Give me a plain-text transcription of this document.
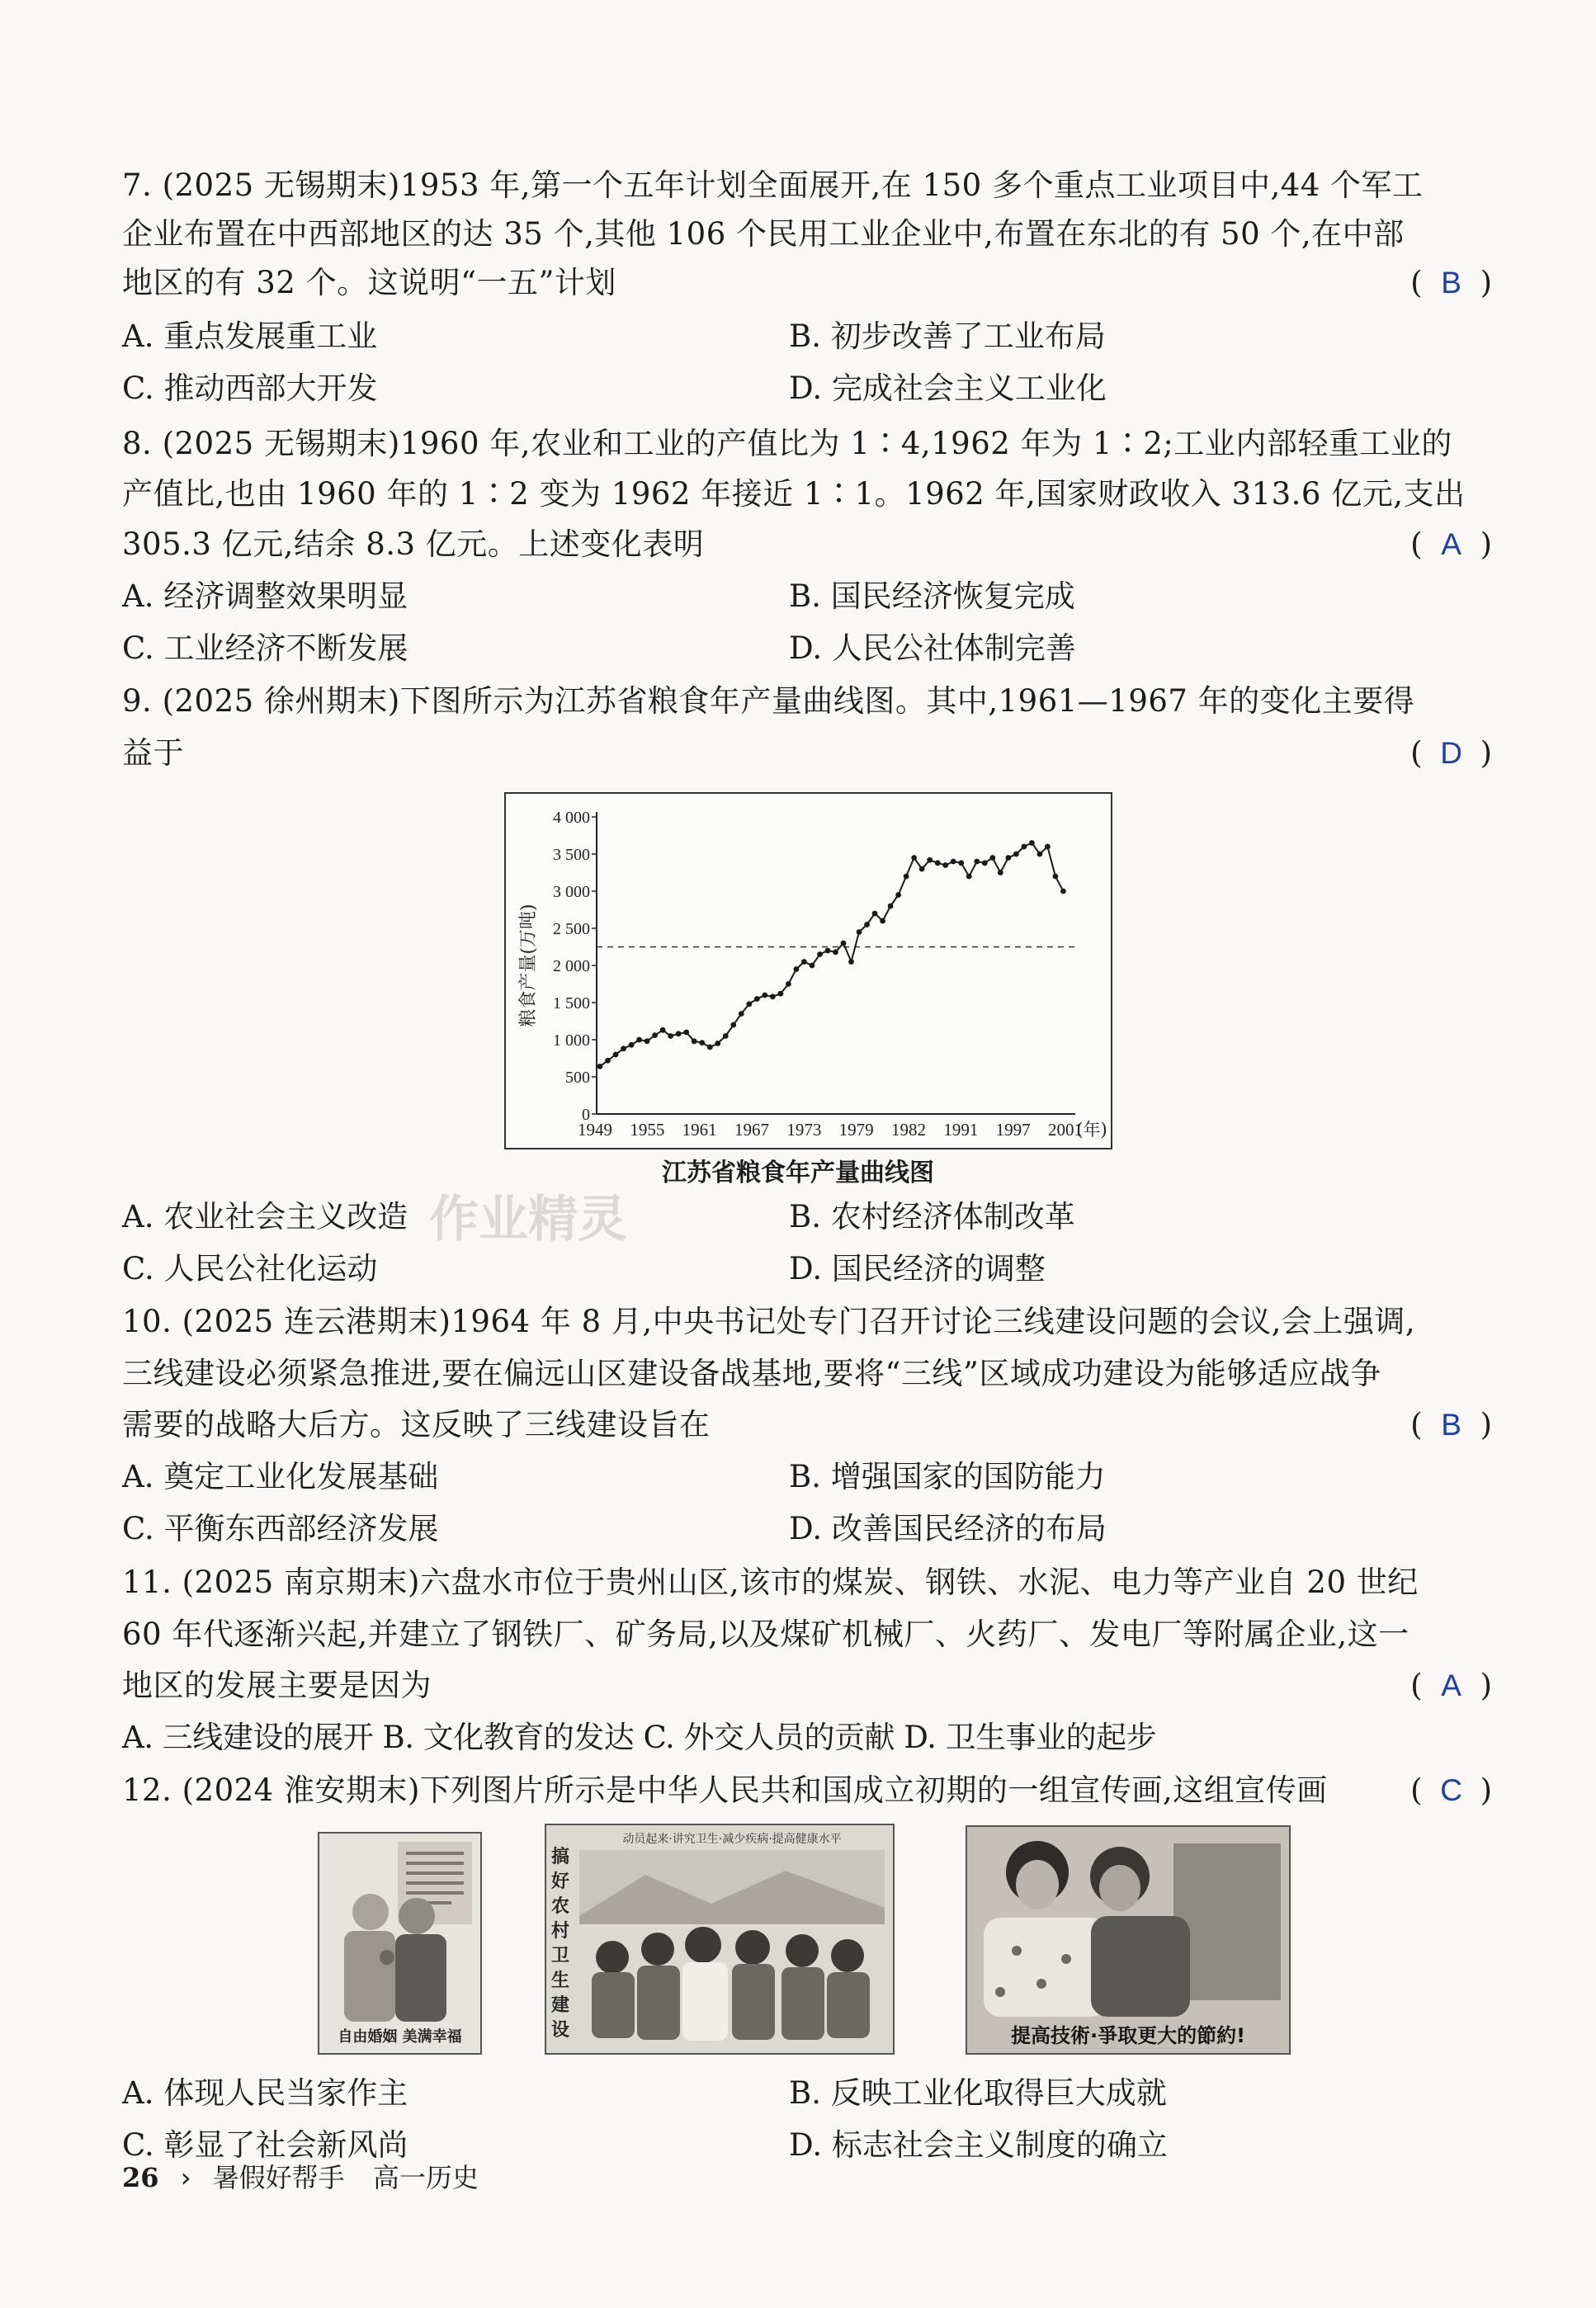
7. (2025 无锡期末)1953 年,第一个五年计划全面展开,在 150 多个重点工业项目中,44 个军工
企业布置在中西部地区的达 35 个,其他 106 个民用工业企业中,布置在东北的有 50 个,在中部
地区的有 32 个。这说明“一五”计划	( B )
A. 重点发展重工业	B. 初步改善了工业布局
C. 推动西部大开发	D. 完成社会主义工业化
8. (2025 无锡期末)1960 年,农业和工业的产值比为 1∶4,1962 年为 1∶2;工业内部轻重工业的
产值比,也由 1960 年的 1∶2 变为 1962 年接近 1∶1。1962 年,国家财政收入 313.6 亿元,支出
305.3 亿元,结余 8.3 亿元。上述变化表明	( A )
A. 经济调整效果明显	B. 国民经济恢复完成
C. 工业经济不断发展	D. 人民公社体制完善
9. (2025 徐州期末)下图所示为江苏省粮食年产量曲线图。其中,1961—1967 年的变化主要得
益于	( D )
4 000
3 500
3 000
2 500
2 000
1 500
1 000
500
0
粮食产量(万吨)
1949 1955 1961 1967 1973 1979 1982 1991 1997 2001
(年)
江苏省粮食年产量曲线图
A. 农业社会主义改造	B. 农村经济体制改革
C. 人民公社化运动	D. 国民经济的调整
作业精灵
10. (2025 连云港期末)1964 年 8 月,中央书记处专门召开讨论三线建设问题的会议,会上强调,
三线建设必须紧急推进,要在偏远山区建设备战基地,要将“三线”区域成功建设为能够适应战争
需要的战略大后方。这反映了三线建设旨在	( B )
A. 奠定工业化发展基础	B. 增强国家的国防能力
C. 平衡东西部经济发展	D. 改善国民经济的布局
11. (2025 南京期末)六盘水市位于贵州山区,该市的煤炭、钢铁、水泥、电力等产业自 20 世纪
60 年代逐渐兴起,并建立了钢铁厂、矿务局,以及煤矿机械厂、火药厂、发电厂等附属企业,这一
地区的发展主要是因为	( A )
A. 三线建设的展开 B. 文化教育的发达 C. 外交人员的贡献 D. 卫生事业的起步
12. (2024 淮安期末)下列图片所示是中华人民共和国成立初期的一组宣传画,这组宣传画	( C )
自由婚姻 美满幸福
动员起来·讲究卫生·减少疾病·提高健康水平
搞好农村卫生建设	提高技術·爭取更大的節約!
A. 体现人民当家作主	B. 反映工业化取得巨大成就
C. 彰显了社会新风尚	D. 标志社会主义制度的确立
26 › 暑假好帮手 高一历史
